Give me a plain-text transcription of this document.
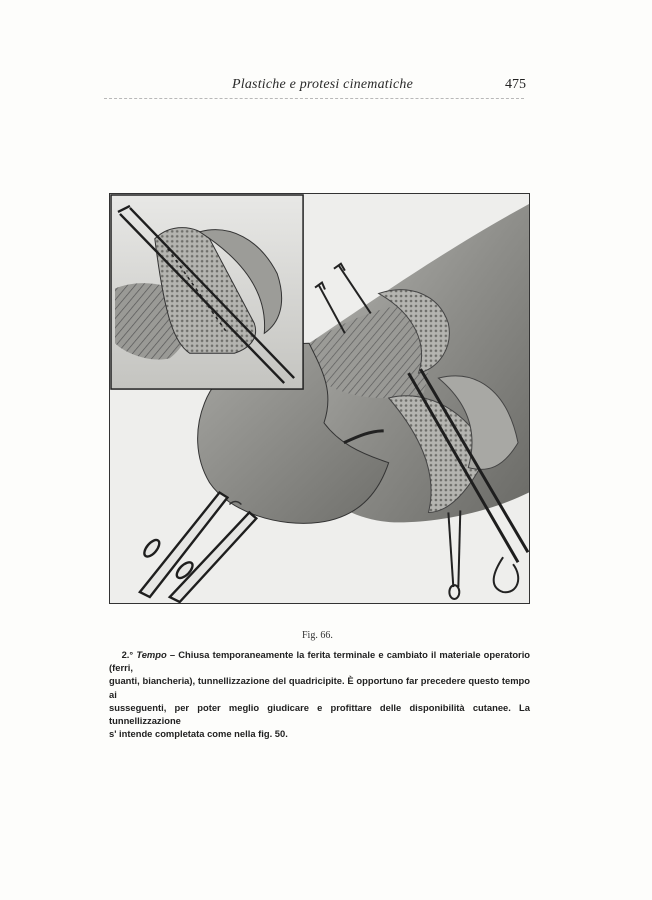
Plastiche e protesi cinematiche	475
Fig. 66.
2.° Tempo – Chiusa temporaneamente la ferita terminale e cambiato il materiale operatorio (ferri,
guanti, biancheria), tunnellizzazione del quadricipite. È opportuno far precedere questo tempo ai
susseguenti, per poter meglio giudicare e profittare delle disponibilità cutanee. La tunnellizzazione
s' intende completata come nella fig. 50.
